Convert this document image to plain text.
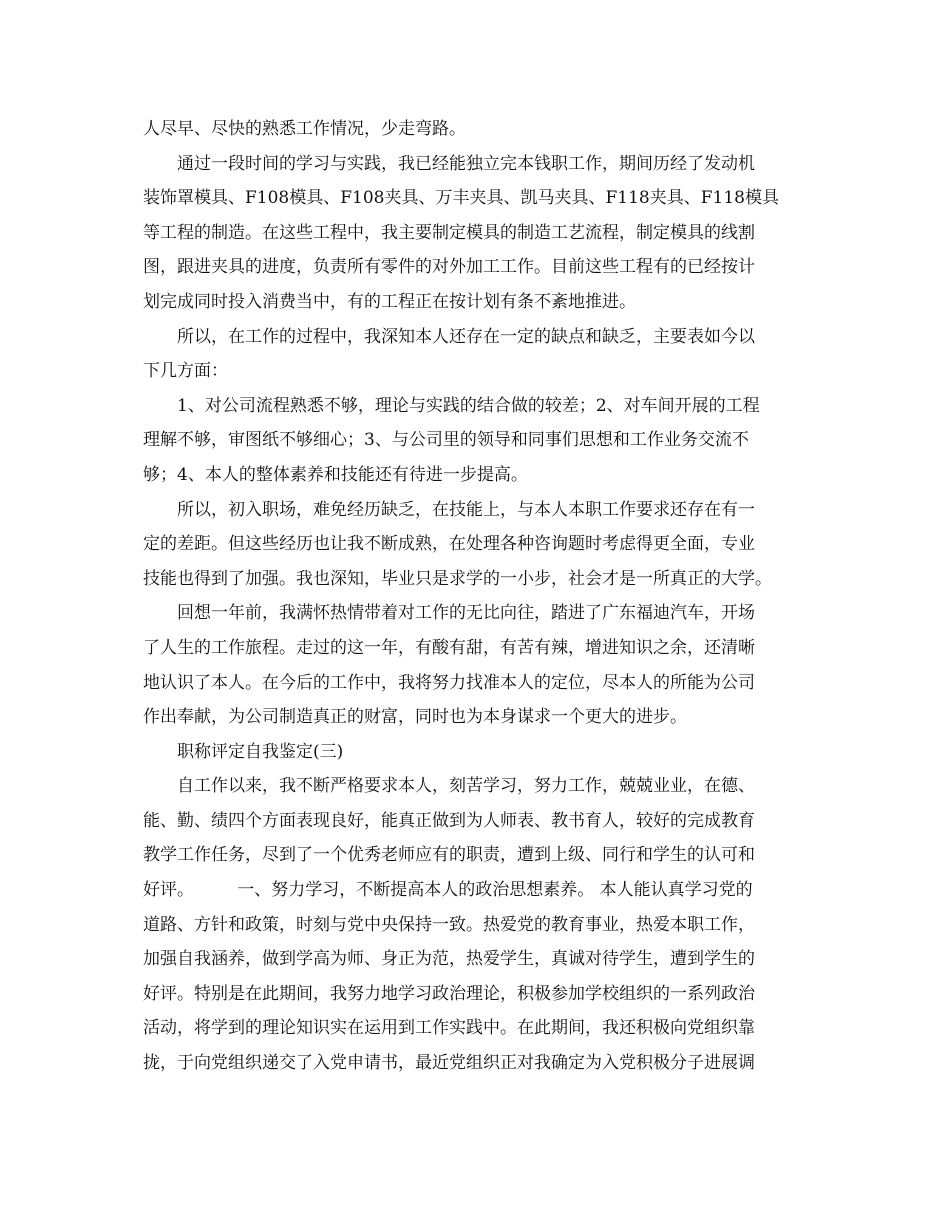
人尽早、尽快的熟悉工作情况，少走弯路。
通过一段时间的学习与实践，我已经能独立完本钱职工作，期间历经了发动机
装饰罩模具、F108模具、F108夹具、万丰夹具、凯马夹具、F118夹具、F118模具
等工程的制造。在这些工程中，我主要制定模具的制造工艺流程，制定模具的线割
图，跟进夹具的进度，负责所有零件的对外加工工作。目前这些工程有的已经按计
划完成同时投入消费当中，有的工程正在按计划有条不紊地推进。
所以，在工作的过程中，我深知本人还存在一定的缺点和缺乏，主要表如今以
下几方面：
1、对公司流程熟悉不够，理论与实践的结合做的较差；2、对车间开展的工程
理解不够，审图纸不够细心；3、与公司里的领导和同事们思想和工作业务交流不
够；4、本人的整体素养和技能还有待进一步提高。
所以，初入职场，难免经历缺乏，在技能上，与本人本职工作要求还存在有一
定的差距。但这些经历也让我不断成熟，在处理各种咨询题时考虑得更全面，专业
技能也得到了加强。我也深知，毕业只是求学的一小步，社会才是一所真正的大学。
回想一年前，我满怀热情带着对工作的无比向往，踏进了广东福迪汽车，开场
了人生的工作旅程。走过的这一年，有酸有甜，有苦有辣，增进知识之余，还清晰
地认识了本人。在今后的工作中，我将努力找准本人的定位，尽本人的所能为公司
作出奉献，为公司制造真正的财富，同时也为本身谋求一个更大的进步。
职称评定自我鉴定(三)
自工作以来，我不断严格要求本人，刻苦学习，努力工作，兢兢业业，在德、
能、勤、绩四个方面表现良好，能真正做到为人师表、教书育人，较好的完成教育
教学工作任务，尽到了一个优秀老师应有的职责，遭到上级、同行和学生的认可和
好评。        一、努力学习，不断提高本人的政治思想素养。 本人能认真学习党的
道路、方针和政策，时刻与党中央保持一致。热爱党的教育事业，热爱本职工作，
加强自我涵养，做到学高为师、身正为范，热爱学生，真诚对待学生，遭到学生的
好评。特别是在此期间，我努力地学习政治理论，积极参加学校组织的一系列政治
活动，将学到的理论知识实在运用到工作实践中。在此期间，我还积极向党组织靠
拢，于向党组织递交了入党申请书，最近党组织正对我确定为入党积极分子进展调
